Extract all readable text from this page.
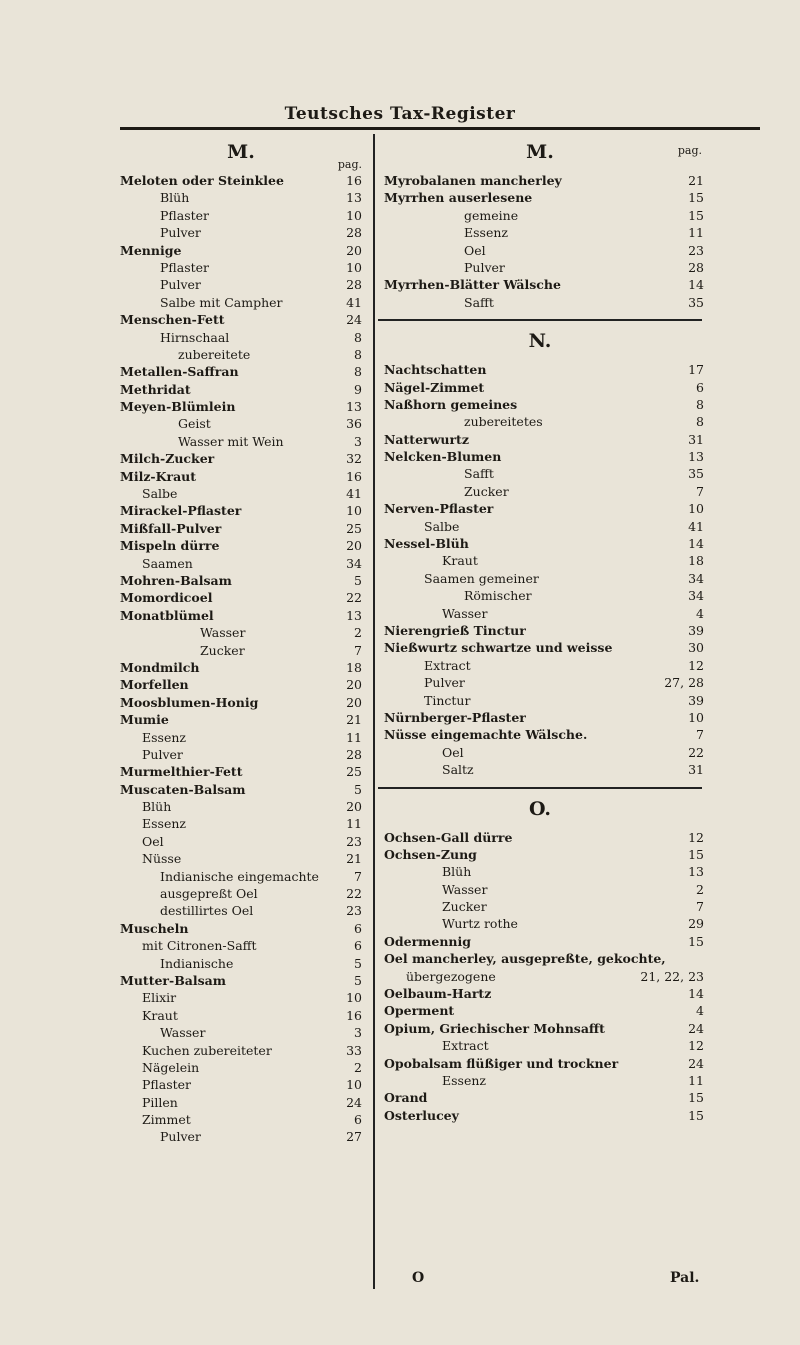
Teutsches Tax-Register
M.
pag.
Meloten oder Steinklee	16
Blüh	13
Pflaster	10
Pulver	28
Mennige	20
Pflaster	10
Pulver	28
Salbe mit Campher	41
Menschen-Fett	24
Hirnschaal	8
zubereitete	8
Metallen-Saffran	8
Methridat	9
Meyen-Blümlein	13
Geist	36
Wasser mit Wein	3
Milch-Zucker	32
Milz-Kraut	16
Salbe	41
Mirackel-Pflaster	10
Mißfall-Pulver	25
Mispeln dürre	20
Saamen	34
Mohren-Balsam	5
Momordicoel	22
Monatblümel	13
Wasser	2
Zucker	7
Mondmilch	18
Morfellen	20
Moosblumen-Honig	20
Mumie	21
Essenz	11
Pulver	28
Murmelthier-Fett	25
Muscaten-Balsam	5
Blüh	20
Essenz	11
Oel	23
Nüsse	21
Indianische eingemachte	7
ausgepreßt Oel	22
destillirtes Oel	23
Muscheln	6
mit Citronen-Safft	6
Indianische	5
Mutter-Balsam	5
Elixir	10
Kraut	16
Wasser	3
Kuchen zubereiteter	33
Nägelein	2
Pflaster	10
Pillen	24
Zimmet	6
Pulver	27
pag.
M.
Myrobalanen mancherley	21
Myrrhen auserlesene	15
gemeine	15
Essenz	11
Oel	23
Pulver	28
Myrrhen-Blätter Wälsche	14
Safft	35
N.
Nachtschatten	17
Nägel-Zimmet	6
Naßhorn gemeines	8
zubereitetes	8
Natterwurtz	31
Nelcken-Blumen	13
Safft	35
Zucker	7
Nerven-Pflaster	10
Salbe	41
Nessel-Blüh	14
Kraut	18
Saamen gemeiner	34
Römischer	34
Wasser	4
Nierengrieß Tinctur	39
Nießwurtz schwartze und weisse	30
Extract	12
Pulver	27, 28
Tinctur	39
Nürnberger-Pflaster	10
Nüsse eingemachte Wälsche.	7
Oel	22
Saltz	31
O.
Ochsen-Gall dürre	12
Ochsen-Zung	15
Blüh	13
Wasser	2
Zucker	7
Wurtz rothe	29
Odermennig	15
Oel mancherley, ausgepreßte, gekochte,
übergezogene	21, 22, 23
Oelbaum-Hartz	14
Operment	4
Opium, Griechischer Mohnsafft	24
Extract	12
Opobalsam flüßiger und trockner	24
Essenz	11
Orand	15
Osterlucey	15
O	Pal.
